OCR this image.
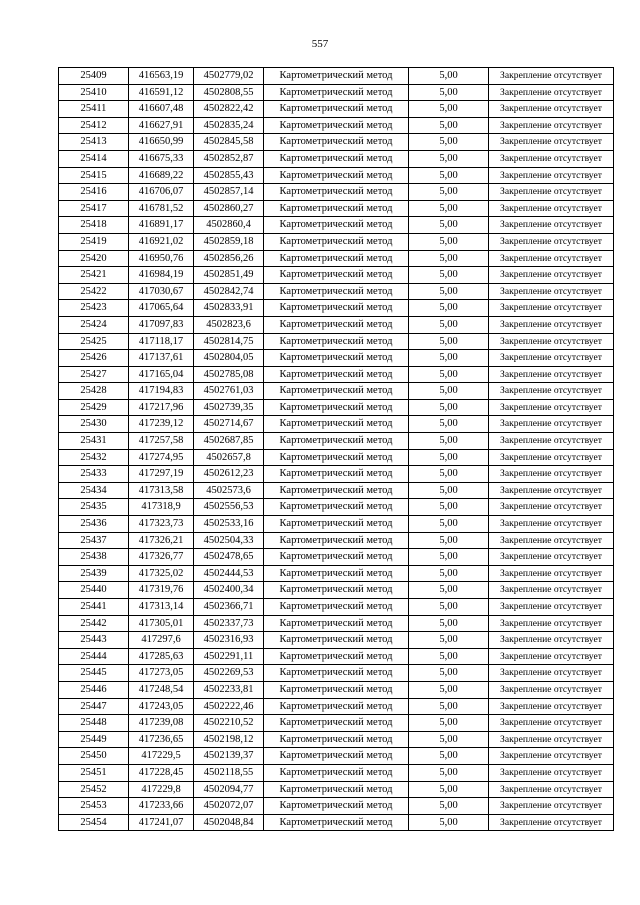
557
25409	416563,19	4502779,02	Картометрический метод	5,00	Закрепление отсутствует
25410	416591,12	4502808,55	Картометрический метод	5,00	Закрепление отсутствует
25411	416607,48	4502822,42	Картометрический метод	5,00	Закрепление отсутствует
25412	416627,91	4502835,24	Картометрический метод	5,00	Закрепление отсутствует
25413	416650,99	4502845,58	Картометрический метод	5,00	Закрепление отсутствует
25414	416675,33	4502852,87	Картометрический метод	5,00	Закрепление отсутствует
25415	416689,22	4502855,43	Картометрический метод	5,00	Закрепление отсутствует
25416	416706,07	4502857,14	Картометрический метод	5,00	Закрепление отсутствует
25417	416781,52	4502860,27	Картометрический метод	5,00	Закрепление отсутствует
25418	416891,17	4502860,4	Картометрический метод	5,00	Закрепление отсутствует
25419	416921,02	4502859,18	Картометрический метод	5,00	Закрепление отсутствует
25420	416950,76	4502856,26	Картометрический метод	5,00	Закрепление отсутствует
25421	416984,19	4502851,49	Картометрический метод	5,00	Закрепление отсутствует
25422	417030,67	4502842,74	Картометрический метод	5,00	Закрепление отсутствует
25423	417065,64	4502833,91	Картометрический метод	5,00	Закрепление отсутствует
25424	417097,83	4502823,6	Картометрический метод	5,00	Закрепление отсутствует
25425	417118,17	4502814,75	Картометрический метод	5,00	Закрепление отсутствует
25426	417137,61	4502804,05	Картометрический метод	5,00	Закрепление отсутствует
25427	417165,04	4502785,08	Картометрический метод	5,00	Закрепление отсутствует
25428	417194,83	4502761,03	Картометрический метод	5,00	Закрепление отсутствует
25429	417217,96	4502739,35	Картометрический метод	5,00	Закрепление отсутствует
25430	417239,12	4502714,67	Картометрический метод	5,00	Закрепление отсутствует
25431	417257,58	4502687,85	Картометрический метод	5,00	Закрепление отсутствует
25432	417274,95	4502657,8	Картометрический метод	5,00	Закрепление отсутствует
25433	417297,19	4502612,23	Картометрический метод	5,00	Закрепление отсутствует
25434	417313,58	4502573,6	Картометрический метод	5,00	Закрепление отсутствует
25435	417318,9	4502556,53	Картометрический метод	5,00	Закрепление отсутствует
25436	417323,73	4502533,16	Картометрический метод	5,00	Закрепление отсутствует
25437	417326,21	4502504,33	Картометрический метод	5,00	Закрепление отсутствует
25438	417326,77	4502478,65	Картометрический метод	5,00	Закрепление отсутствует
25439	417325,02	4502444,53	Картометрический метод	5,00	Закрепление отсутствует
25440	417319,76	4502400,34	Картометрический метод	5,00	Закрепление отсутствует
25441	417313,14	4502366,71	Картометрический метод	5,00	Закрепление отсутствует
25442	417305,01	4502337,73	Картометрический метод	5,00	Закрепление отсутствует
25443	417297,6	4502316,93	Картометрический метод	5,00	Закрепление отсутствует
25444	417285,63	4502291,11	Картометрический метод	5,00	Закрепление отсутствует
25445	417273,05	4502269,53	Картометрический метод	5,00	Закрепление отсутствует
25446	417248,54	4502233,81	Картометрический метод	5,00	Закрепление отсутствует
25447	417243,05	4502222,46	Картометрический метод	5,00	Закрепление отсутствует
25448	417239,08	4502210,52	Картометрический метод	5,00	Закрепление отсутствует
25449	417236,65	4502198,12	Картометрический метод	5,00	Закрепление отсутствует
25450	417229,5	4502139,37	Картометрический метод	5,00	Закрепление отсутствует
25451	417228,45	4502118,55	Картометрический метод	5,00	Закрепление отсутствует
25452	417229,8	4502094,77	Картометрический метод	5,00	Закрепление отсутствует
25453	417233,66	4502072,07	Картометрический метод	5,00	Закрепление отсутствует
25454	417241,07	4502048,84	Картометрический метод	5,00	Закрепление отсутствует
